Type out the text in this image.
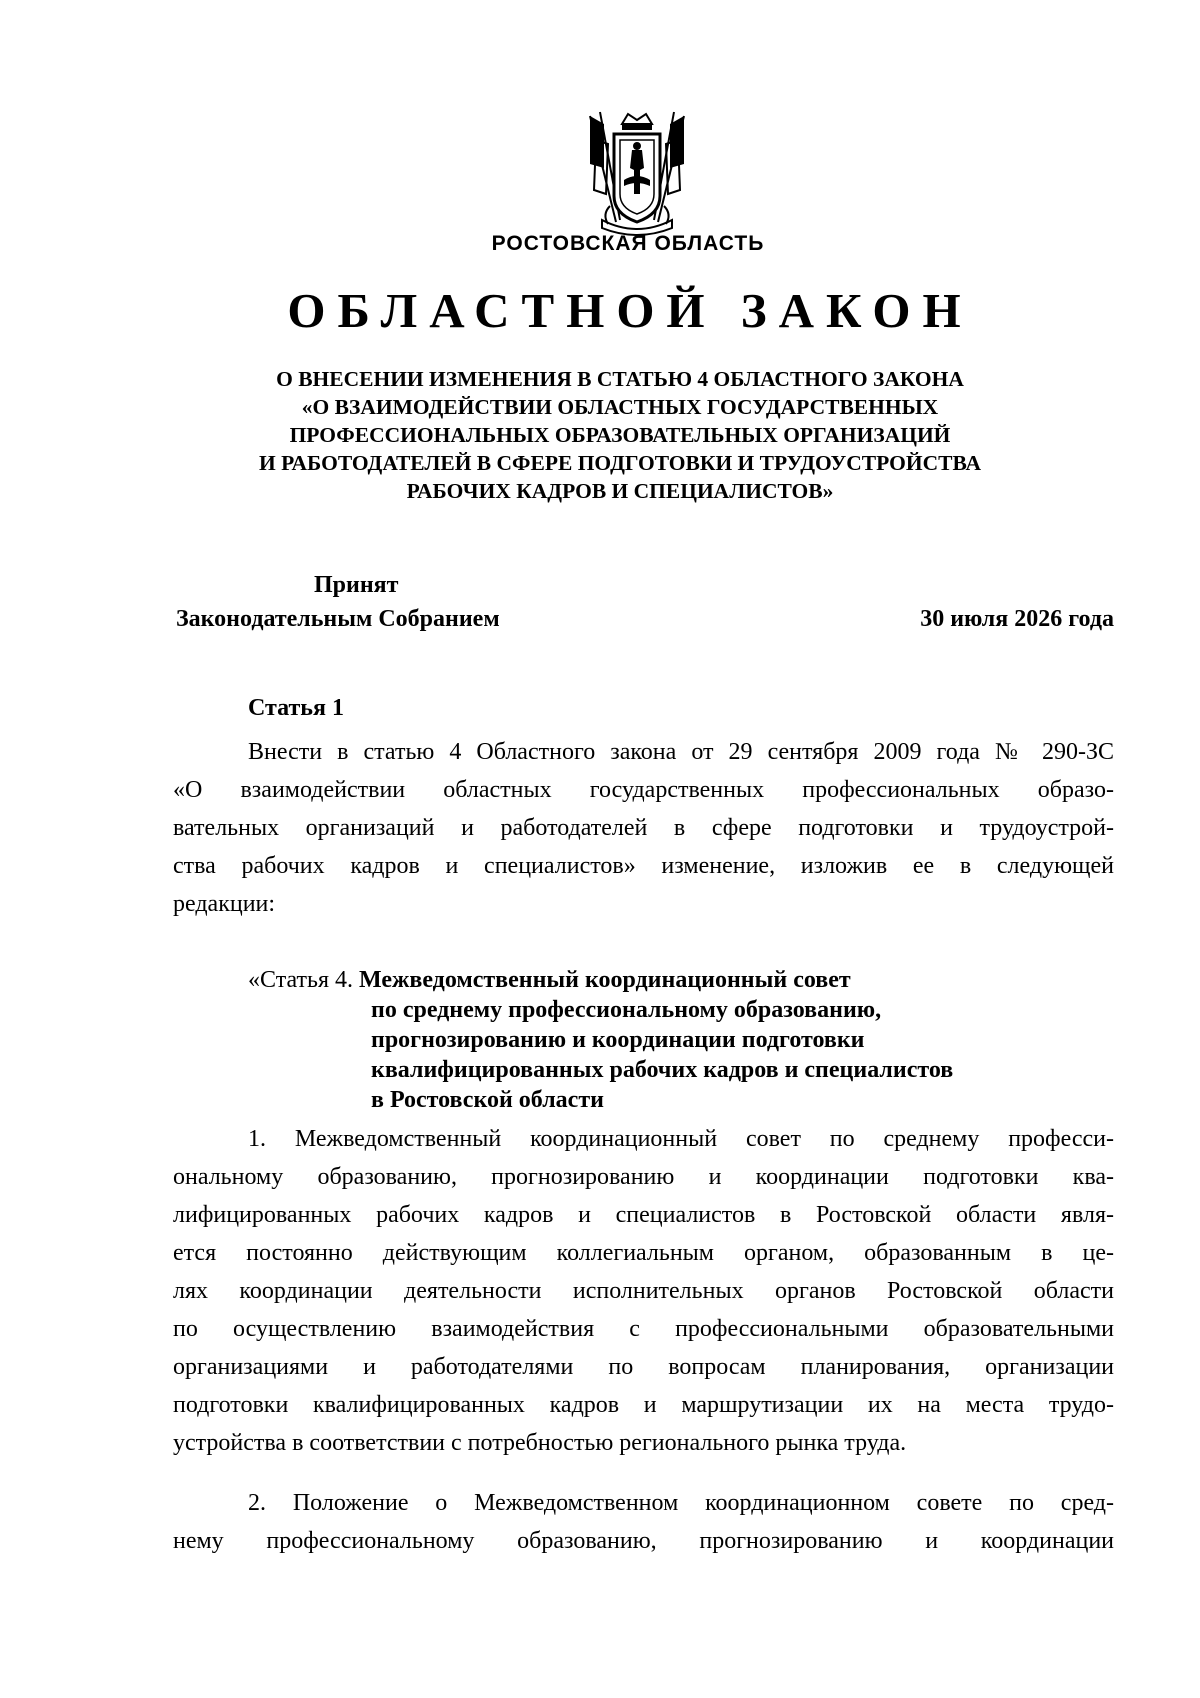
РОСТОВСКАЯ ОБЛАСТЬ
ОБЛАСТНОЙ ЗАКОН
О ВНЕСЕНИИ ИЗМЕНЕНИЯ В СТАТЬЮ 4 ОБЛАСТНОГО ЗАКОНА
«О ВЗАИМОДЕЙСТВИИ ОБЛАСТНЫХ ГОСУДАРСТВЕННЫХ
ПРОФЕССИОНАЛЬНЫХ ОБРАЗОВАТЕЛЬНЫХ ОРГАНИЗАЦИЙ
И РАБОТОДАТЕЛЕЙ В СФЕРЕ ПОДГОТОВКИ И ТРУДОУСТРОЙСТВА
РАБОЧИХ КАДРОВ И СПЕЦИАЛИСТОВ»
Принят
Законодательным Собранием	30 июля 2026 года
Статья 1
Внести в статью 4 Областного закона от 29 сентября 2009 года № 290-ЗС
«О взаимодействии областных государственных профессиональных образо-
вательных организаций и работодателей в сфере подготовки и трудоустрой-
ства рабочих кадров и специалистов» изменение, изложив ее в следующей
редакции:
«Статья 4. Межведомственный координационный совет
по среднему профессиональному образованию,
прогнозированию и координации подготовки
квалифицированных рабочих кадров и специалистов
в Ростовской области
1. Межведомственный координационный совет по среднему професси-
ональному образованию, прогнозированию и координации подготовки ква-
лифицированных рабочих кадров и специалистов в Ростовской области явля-
ется постоянно действующим коллегиальным органом, образованным в це-
лях координации деятельности исполнительных органов Ростовской области
по осуществлению взаимодействия с профессиональными образовательными
организациями и работодателями по вопросам планирования, организации
подготовки квалифицированных кадров и маршрутизации их на места трудо-
устройства в соответствии с потребностью регионального рынка труда.
2. Положение о Межведомственном координационном совете по сред-
нему профессиональному образованию, прогнозированию и координации
